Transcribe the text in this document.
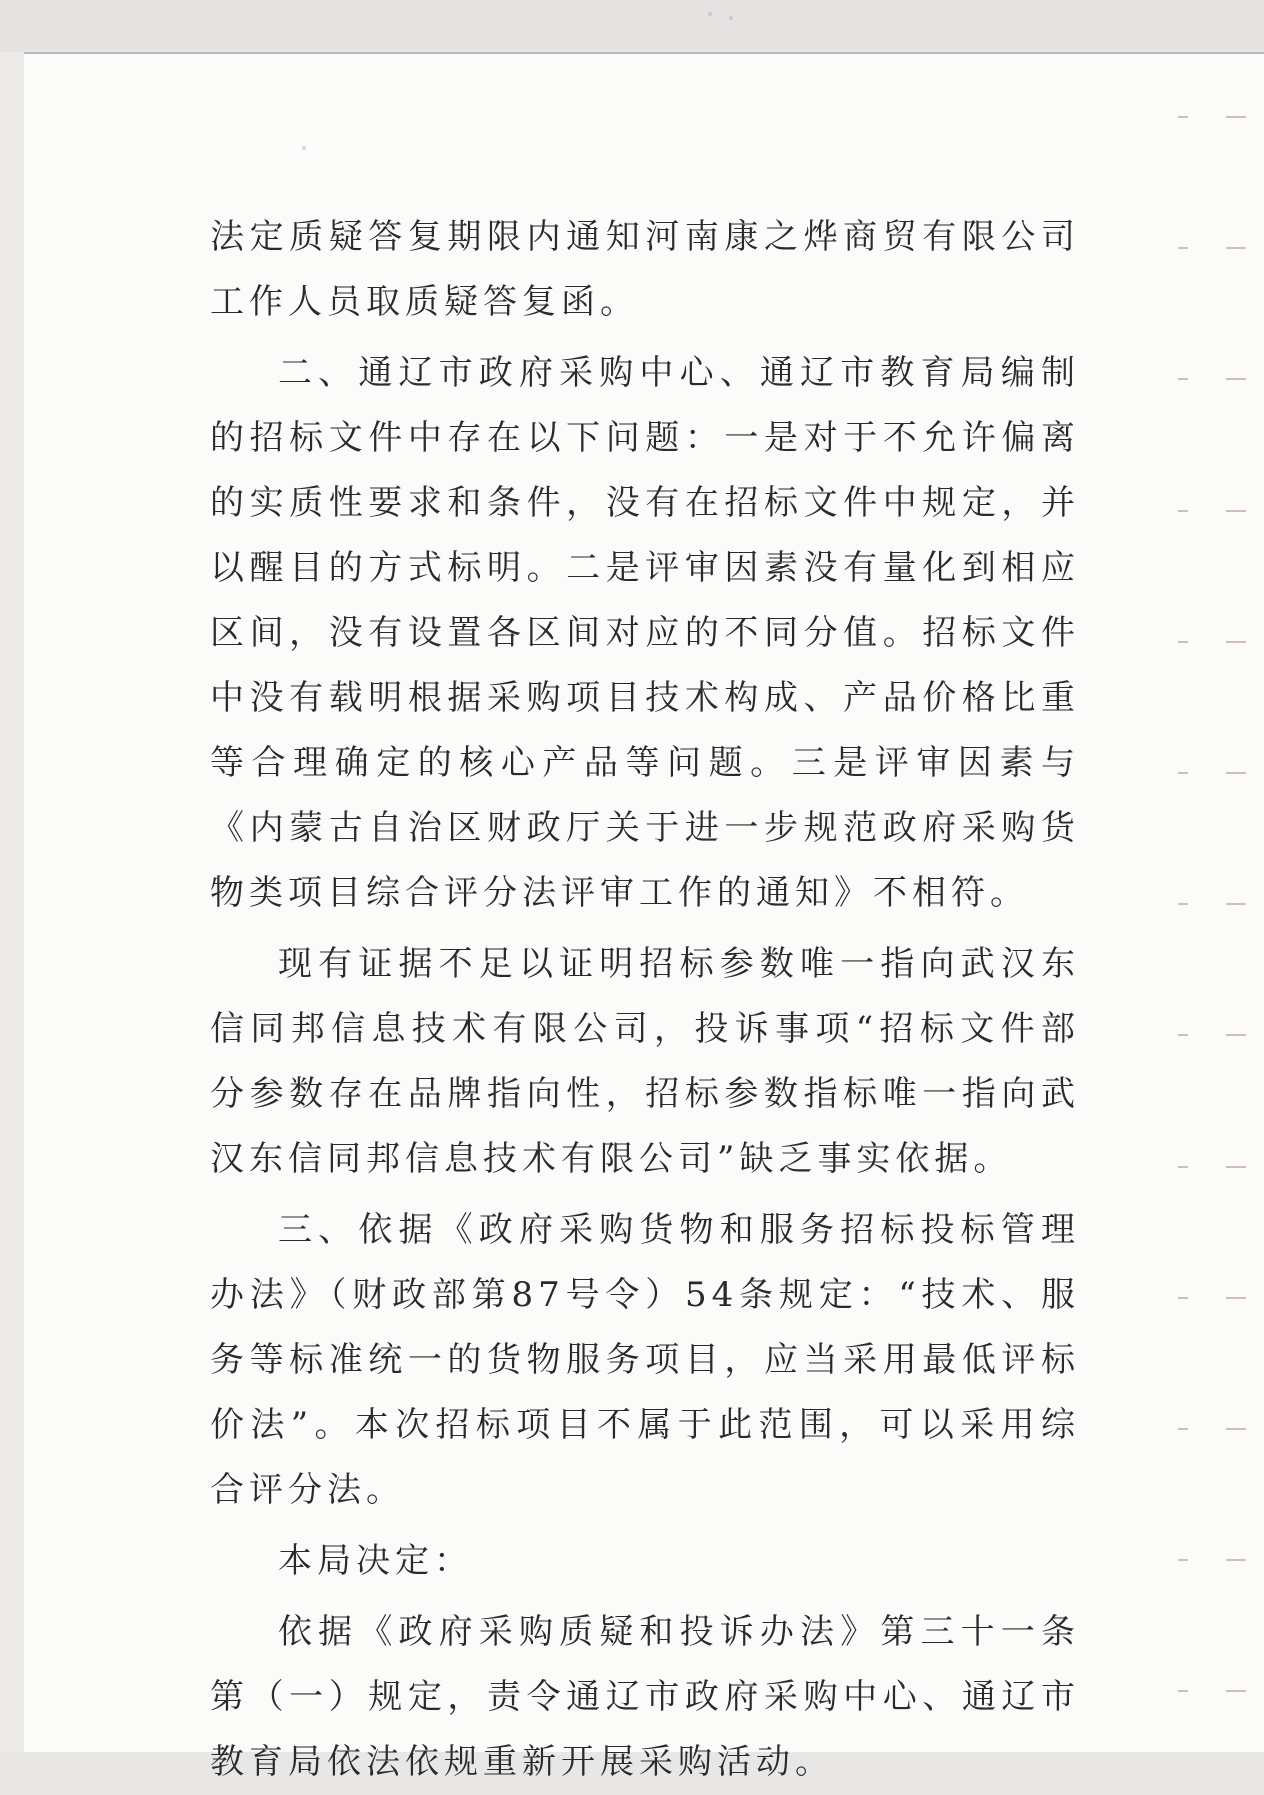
法定质疑答复期限内通知河南康之烨商贸有限公司工作人员取质疑答复函。

二、通辽市政府采购中心、通辽市教育局编制的招标文件中存在以下问题：一是对于不允许偏离的实质性要求和条件，没有在招标文件中规定，并以醒目的方式标明。二是评审因素没有量化到相应区间，没有设置各区间对应的不同分值。招标文件中没有载明根据采购项目技术构成、产品价格比重等合理确定的核心产品等问题。三是评审因素与《内蒙古自治区财政厅关于进一步规范政府采购货物类项目综合评分法评审工作的通知》不相符。

现有证据不足以证明招标参数唯一指向武汉东信同邦信息技术有限公司，投诉事项“招标文件部分参数存在品牌指向性，招标参数指标唯一指向武汉东信同邦信息技术有限公司”缺乏事实依据。

三、依据《政府采购货物和服务招标投标管理办法》（财政部第87号令）54条规定：“技术、服务等标准统一的货物服务项目，应当采用最低评标价法”。本次招标项目不属于此范围，可以采用综合评分法。

本局决定：

依据《政府采购质疑和投诉办法》第三十一条第（一）规定，责令通辽市政府采购中心、通辽市教育局依法依规重新开展采购活动。
